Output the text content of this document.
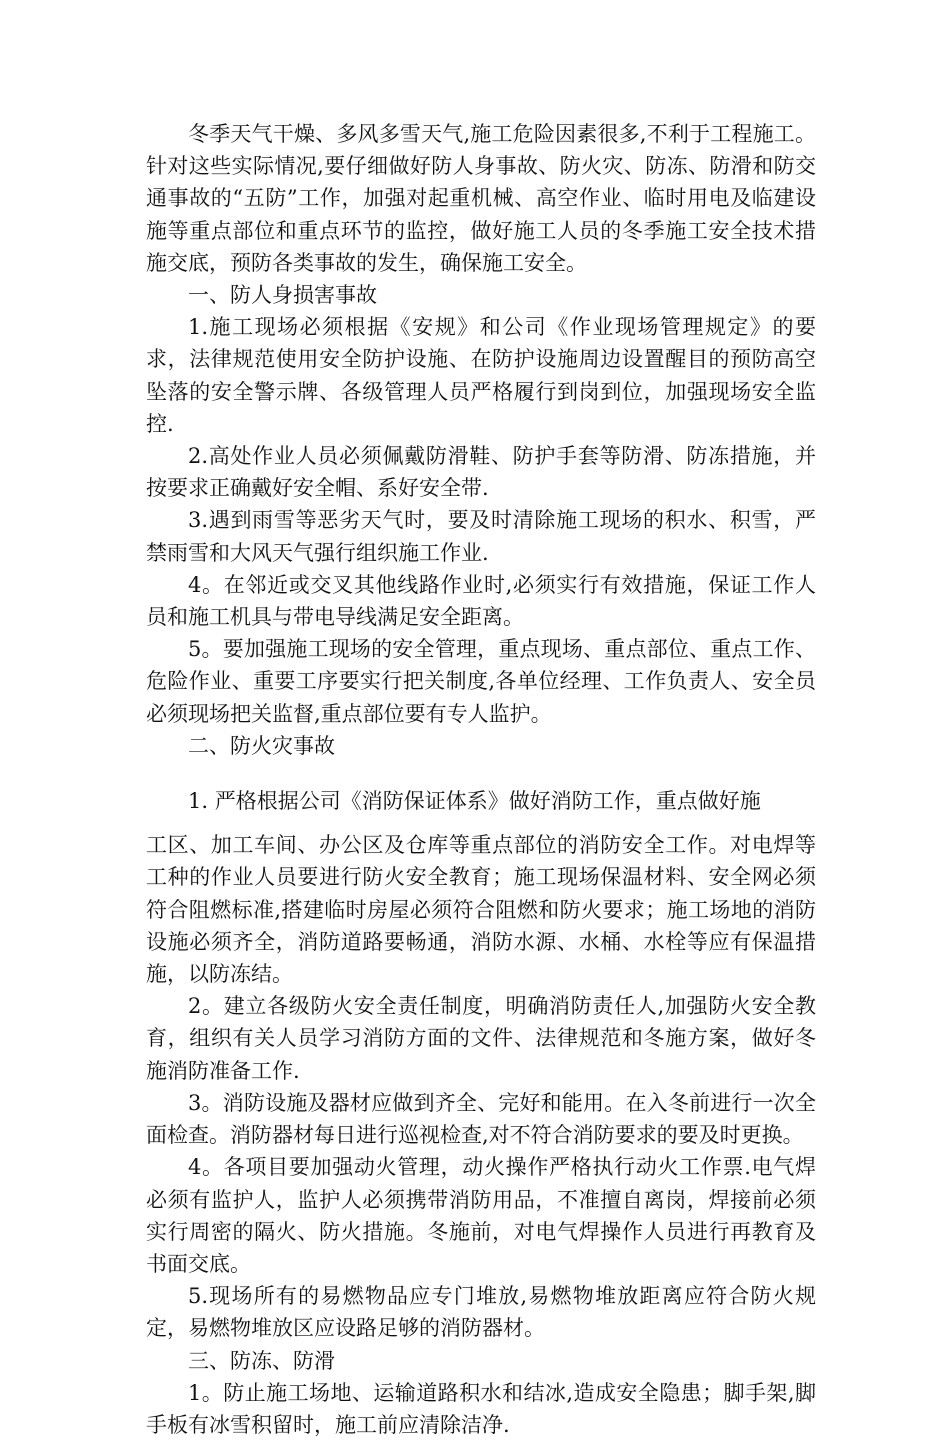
冬季天气干燥、多风多雪天气,施工危险因素很多,不利于工程施工。针对这些实际情况,要仔细做好防人身事故、防火灾、防冻、防滑和防交通事故的“五防”工作，加强对起重机械、高空作业、临时用电及临建设施等重点部位和重点环节的监控，做好施工人员的冬季施工安全技术措施交底，预防各类事故的发生，确保施工安全。

一、防人身损害事故

1.施工现场必须根据《安规》和公司《作业现场管理规定》的要求，法律规范使用安全防护设施、在防护设施周边设置醒目的预防高空坠落的安全警示牌、各级管理人员严格履行到岗到位，加强现场安全监控.

2.高处作业人员必须佩戴防滑鞋、防护手套等防滑、防冻措施，并按要求正确戴好安全帽、系好安全带.

3.遇到雨雪等恶劣天气时，要及时清除施工现场的积水、积雪，严禁雨雪和大风天气强行组织施工作业.

4。在邻近或交叉其他线路作业时,必须实行有效措施，保证工作人员和施工机具与带电导线满足安全距离。

5。要加强施工现场的安全管理，重点现场、重点部位、重点工作、危险作业、重要工序要实行把关制度,各单位经理、工作负责人、安全员必须现场把关监督,重点部位要有专人监护。

二、防火灾事故

1. 严格根据公司《消防保证体系》做好消防工作，重点做好施

工区、加工车间、办公区及仓库等重点部位的消防安全工作。对电焊等工种的作业人员要进行防火安全教育；施工现场保温材料、安全网必须符合阻燃标准,搭建临时房屋必须符合阻燃和防火要求；施工场地的消防设施必须齐全，消防道路要畅通，消防水源、水桶、水栓等应有保温措施，以防冻结。

2。建立各级防火安全责任制度，明确消防责任人,加强防火安全教育，组织有关人员学习消防方面的文件、法律规范和冬施方案，做好冬施消防准备工作.

3。消防设施及器材应做到齐全、完好和能用。在入冬前进行一次全面检查。消防器材每日进行巡视检查,对不符合消防要求的要及时更换。

4。各项目要加强动火管理，动火操作严格执行动火工作票.电气焊必须有监护人，监护人必须携带消防用品，不准擅自离岗，焊接前必须实行周密的隔火、防火措施。冬施前，对电气焊操作人员进行再教育及书面交底。

5.现场所有的易燃物品应专门堆放,易燃物堆放距离应符合防火规定，易燃物堆放区应设路足够的消防器材。

三、防冻、防滑

1。防止施工场地、运输道路积水和结冰,造成安全隐患；脚手架,脚手板有冰雪积留时，施工前应清除洁净.
